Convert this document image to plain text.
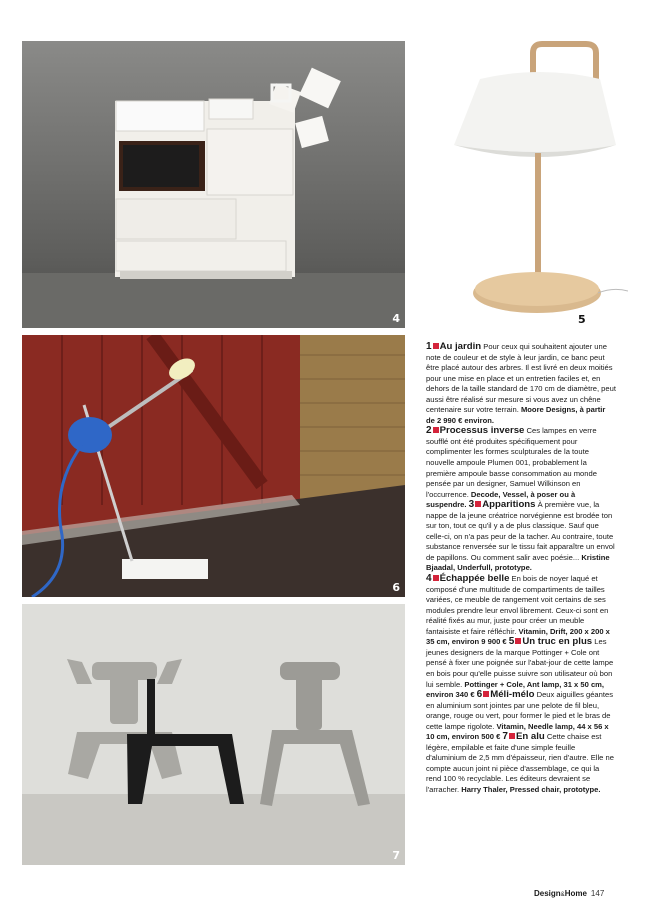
4	5
6
7

1 Au jardin Pour ceux qui souhaitent ajouter une note de couleur et de style à leur jardin, ce banc peut être placé autour des arbres. Il est livré en deux moitiés pour une mise en place et un entretien faciles et, en dehors de la taille standard de 170 cm de diamètre, peut aussi être réalisé sur mesure si vous avez un chêne centenaire sur votre terrain. Moore Designs, à partir de 2 990 € environ.
2 Processus inverse Ces lampes en verre soufflé ont été produites spécifiquement pour complimenter les formes sculpturales de la toute nouvelle ampoule Plumen 001, probablement la première ampoule basse consommation au monde pensée par un designer, Samuel Wilkinson en l'occurrence. Decode, Vessel, à poser ou à suspendre. 3 Apparitions À première vue, la nappe de la jeune créatrice norvégienne est brodée ton sur ton, tout ce qu'il y a de plus classique. Sauf que celle-ci, on n'a pas peur de la tacher. Au contraire, toute substance renversée sur le tissu fait apparaître un envol de papillons. Ou comment salir avec poésie... Kristine Bjaadal, Underfull, prototype.
4 Échappée belle En bois de noyer laqué et composé d'une multitude de compartiments de tailles variées, ce meuble de rangement voit certains de ses modules prendre leur envol librement. Ceux-ci sont en réalité fixés au mur, juste pour créer un meuble fantaisiste et faire réfléchir. Vitamin, Drift, 200 x 200 x 35 cm, environ 9 900 € 5 Un truc en plus Les jeunes designers de la marque Pottinger + Cole ont pensé à fixer une poignée sur l'abat-jour de cette lampe en bois pour qu'elle puisse suivre son utilisateur où bon lui semble. Pottinger + Cole, Ant lamp, 31 x 50 cm, environ 340 € 6 Méli-mélo Deux aiguilles géantes en aluminium sont jointes par une pelote de fil bleu, orange, rouge ou vert, pour former le pied et le bras de cette lampe rigolote. Vitamin, Needle lamp, 44 x 56 x 10 cm, environ 500 € 7 En alu Cette chaise est légère, empilable et faite d'une simple feuille d'aluminium de 2,5 mm d'épaisseur, rien d'autre. Elle ne compte aucun joint ni pièce d'assemblage, ce qui la rend 100 % recyclable. Les éditeurs devraient se l'arracher. Harry Thaler, Pressed chair, prototype.

Design&Home 147
